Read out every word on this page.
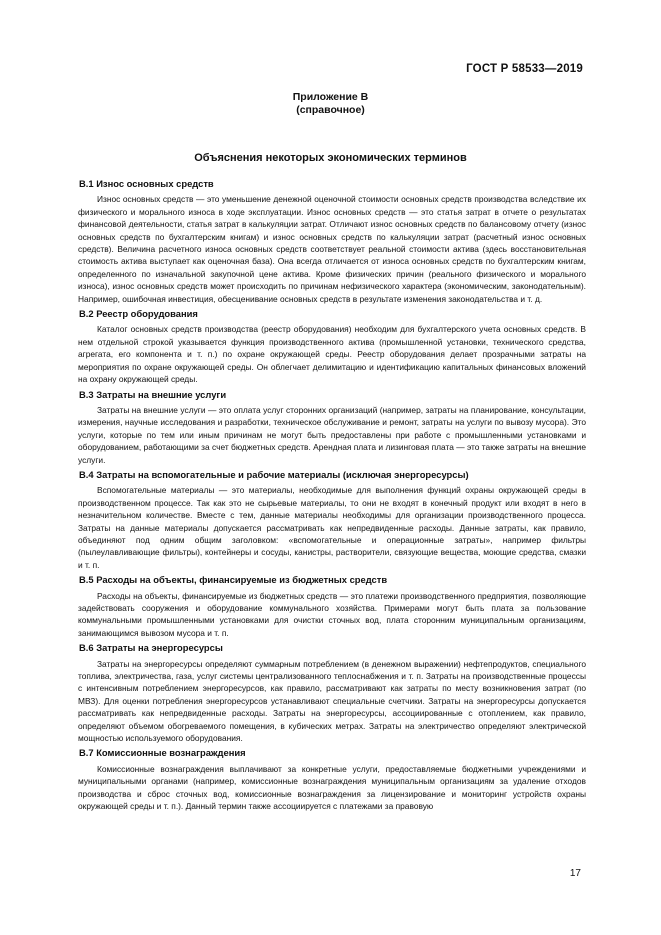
ГОСТ Р 58533—2019
Приложение В
(справочное)
Объяснения некоторых экономических терминов
В.1 Износ основных средств

Износ основных средств — это уменьшение денежной оценочной стоимости основных средств производства вследствие их физического и морального износа в ходе эксплуатации. Износ основных средств — это статья затрат в отчете о результатах финансовой деятельности, статья затрат в калькуляции затрат. Отличают износ основных средств по балансовому отчету (износ основных средств по бухгалтерским книгам) и износ основных средств по калькуляции затрат (расчетный износ основных средств). Величина расчетного износа основных средств соответствует реальной стоимости актива (здесь восстановительная стоимость актива выступает как оценочная база). Она всегда отличается от износа основных средств по бухгалтерским книгам, определенного по изначальной закупочной цене актива. Кроме физических причин (реального физического и морального износа), износ основных средств может происходить по причинам нефизического характера (экономическим, законодательным). Например, ошибочная инвестиция, обесценивание основных средств в результате изменения законодательства и т. д.

В.2 Реестр оборудования

Каталог основных средств производства (реестр оборудования) необходим для бухгалтерского учета основных средств. В нем отдельной строкой указывается функция производственного актива (промышленной установки, технического средства, агрегата, его компонента и т. п.) по охране окружающей среды. Реестр оборудования делает прозрачными затраты на мероприятия по охране окружающей среды. Он облегчает делимитацию и идентификацию капитальных финансовых вложений на охрану окружающей среды.

В.3 Затраты на внешние услуги

Затраты на внешние услуги — это оплата услуг сторонних организаций (например, затраты на планирование, консультации, измерения, научные исследования и разработки, техническое обслуживание и ремонт, затраты на услуги по вывозу мусора). Это услуги, которые по тем или иным причинам не могут быть предоставлены при работе с промышленными установками и оборудованием, работающими за счет бюджетных средств. Арендная плата и лизинговая плата — это также затраты на внешние услуги.

В.4 Затраты на вспомогательные и рабочие материалы (исключая энергоресурсы)

Вспомогательные материалы — это материалы, необходимые для выполнения функций охраны окружающей среды в производственном процессе. Так как это не сырьевые материалы, то они не входят в конечный продукт или входят в него в незначительном количестве. Вместе с тем, данные материалы необходимы для организации производственного процесса. Затраты на данные материалы допускается рассматривать как непредвиденные расходы. Данные затраты, как правило, объединяют под одним общим заголовком: «вспомогательные и операционные затраты», например фильтры (пылеулавливающие фильтры), контейнеры и сосуды, канистры, растворители, связующие вещества, моющие средства, смазки и т. п.

В.5 Расходы на объекты, финансируемые из бюджетных средств

Расходы на объекты, финансируемые из бюджетных средств — это платежи производственного предприятия, позволяющие задействовать сооружения и оборудование коммунального хозяйства. Примерами могут быть плата за пользование коммунальными промышленными установками для очистки сточных вод, плата сторонним муниципальным организациям, занимающимся вывозом мусора и т. п.

В.6 Затраты на энергоресурсы

Затраты на энергоресурсы определяют суммарным потреблением (в денежном выражении) нефтепродуктов, специального топлива, электричества, газа, услуг системы централизованного теплоснабжения и т. п. Затраты на производственные процессы с интенсивным потреблением энергоресурсов, как правило, рассматривают как затраты по месту возникновения затрат (по МВЗ). Для оценки потребления энергоресурсов устанавливают специальные счетчики. Затраты на энергоресурсы допускается рассматривать как непредвиденные расходы. Затраты на энергоресурсы, ассоциированные с отоплением, как правило, определяют объемом обогреваемого помещения, в кубических метрах. Затраты на электричество определяют электрической мощностью используемого оборудования.

В.7 Комиссионные вознаграждения

Комиссионные вознаграждения выплачивают за конкретные услуги, предоставляемые бюджетными учреждениями и муниципальными органами (например, комиссионные вознаграждения муниципальным организациям за удаление отходов производства и сброс сточных вод, комиссионные вознаграждения за лицензирование и мониторинг устройств охраны окружающей среды и т. п.). Данный термин также ассоциируется с платежами за правовую

17
